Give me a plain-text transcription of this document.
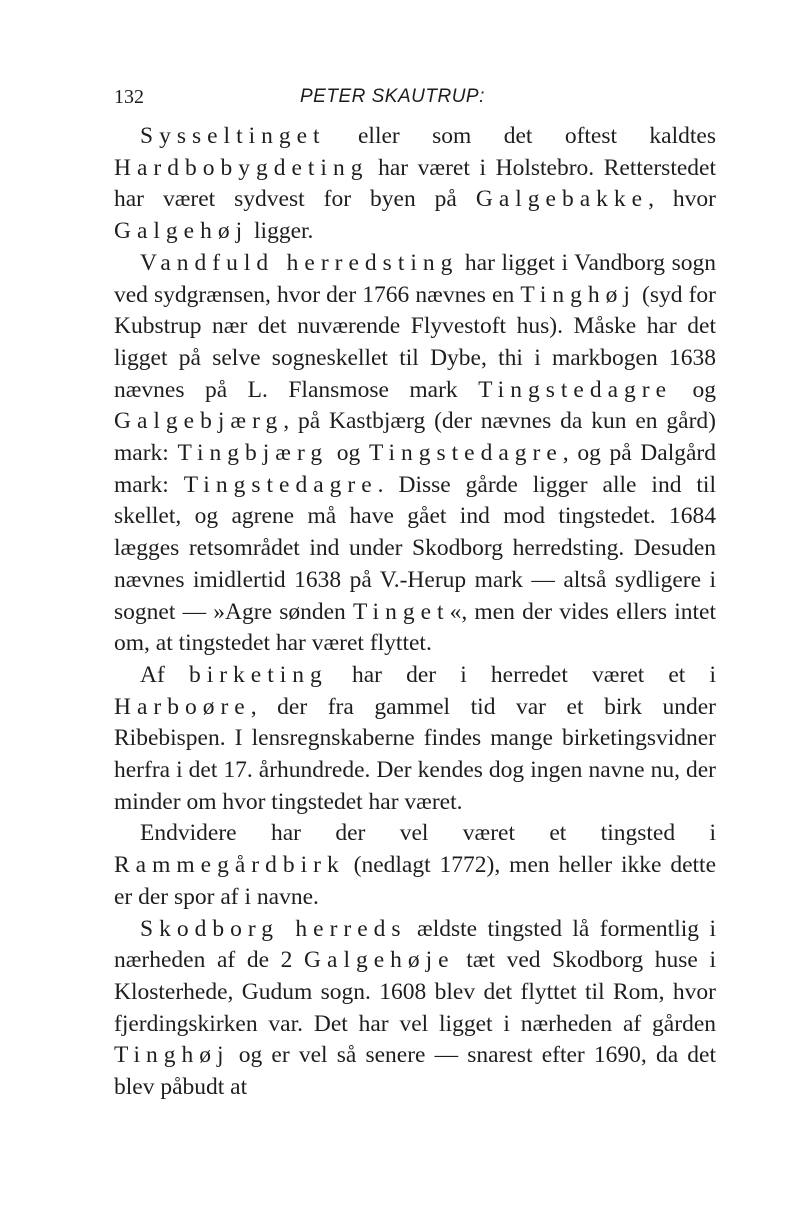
132	PETER SKAUTRUP:

Sysseltinget eller som det oftest kaldtes Hardbobygdeting har været i Holstebro. Retterstedet har været sydvest for byen på Galgebakke, hvor Galgehøj ligger.

Vandfuld herredsting har ligget i Vandborg sogn ved sydgrænsen, hvor der 1766 nævnes en Tinghøj (syd for Kubstrup nær det nuværende Flyvestoft hus). Måske har det ligget på selve sogneskellet til Dybe, thi i markbogen 1638 nævnes på L. Flansmose mark Tingstedagre og Galgebjærg, på Kastbjærg (der nævnes da kun en gård) mark: Tingbjærg og Tingstedagre, og på Dalgård mark: Tingstedagre. Disse gårde ligger alle ind til skellet, og agrene må have gået ind mod tingstedet. 1684 lægges retsområdet ind under Skodborg herredsting. Desuden nævnes imidlertid 1638 på V.-Herup mark — altså sydligere i sognet — »Agre sønden Tinget«, men der vides ellers intet om, at tingstedet har været flyttet.

Af birketing har der i herredet været et i Harboøre, der fra gammel tid var et birk under Ribebispen. I lensregnskaberne findes mange birketingsvidner herfra i det 17. århundrede. Der kendes dog ingen navne nu, der minder om hvor tingstedet har været.

Endvidere har der vel været et tingsted i Rammegårdbirk (nedlagt 1772), men heller ikke dette er der spor af i navne.

Skodborg herreds ældste tingsted lå formentlig i nærheden af de 2 Galgehøje tæt ved Skodborg huse i Klosterhede, Gudum sogn. 1608 blev det flyttet til Rom, hvor fjerdingskirken var. Det har vel ligget i nærheden af gården Tinghøj og er vel så senere — snarest efter 1690, da det blev påbudt at
